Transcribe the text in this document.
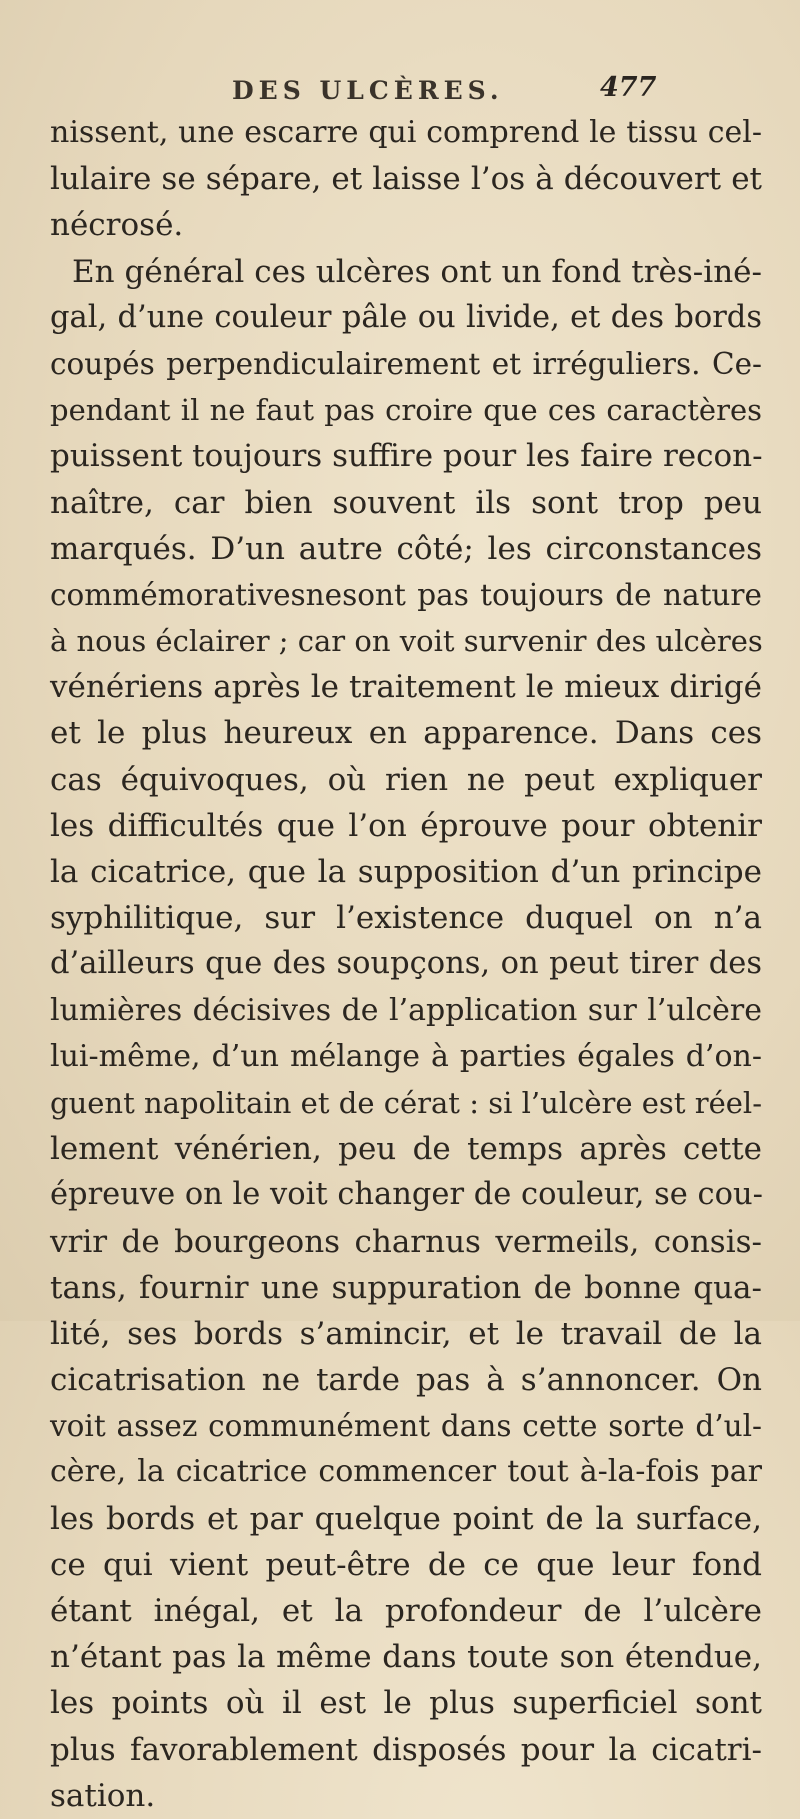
DES ULCÈRES.	477
nissent, une escarre qui comprend le tissu cel-
lulaire se sépare, et laisse l’os à découvert et
nécrosé.
En général ces ulcères ont un fond très-iné-
gal, d’une couleur pâle ou livide, et des bords
coupés perpendiculairement et irréguliers. Ce-
pendant il ne faut pas croire que ces caractères
puissent toujours suffire pour les faire recon-
naître, car bien souvent ils sont trop peu
marqués. D’un autre côté; les circonstances
commémorativesnesont pas toujours de nature
à nous éclairer ; car on voit survenir des ulcères
vénériens après le traitement le mieux dirigé
et le plus heureux en apparence. Dans ces
cas équivoques, où rien ne peut expliquer
les difficultés que l’on éprouve pour obtenir
la cicatrice, que la supposition d’un principe
syphilitique, sur l’existence duquel on n’a
d’ailleurs que des soupçons, on peut tirer des
lumières décisives de l’application sur l’ulcère
lui-même, d’un mélange à parties égales d’on-
guent napolitain et de cérat : si l’ulcère est réel-
lement vénérien, peu de temps après cette
épreuve on le voit changer de couleur, se cou-
vrir de bourgeons charnus vermeils, consis-
tans, fournir une suppuration de bonne qua-
lité, ses bords s’amincir, et le travail de la
cicatrisation ne tarde pas à s’annoncer. On
voit assez communément dans cette sorte d’ul-
cère, la cicatrice commencer tout à-la-fois par
les bords et par quelque point de la surface,
ce qui vient peut-être de ce que leur fond
étant inégal, et la profondeur de l’ulcère
n’étant pas la même dans toute son étendue,
les points où il est le plus superficiel sont
plus favorablement disposés pour la cicatri-
sation.
